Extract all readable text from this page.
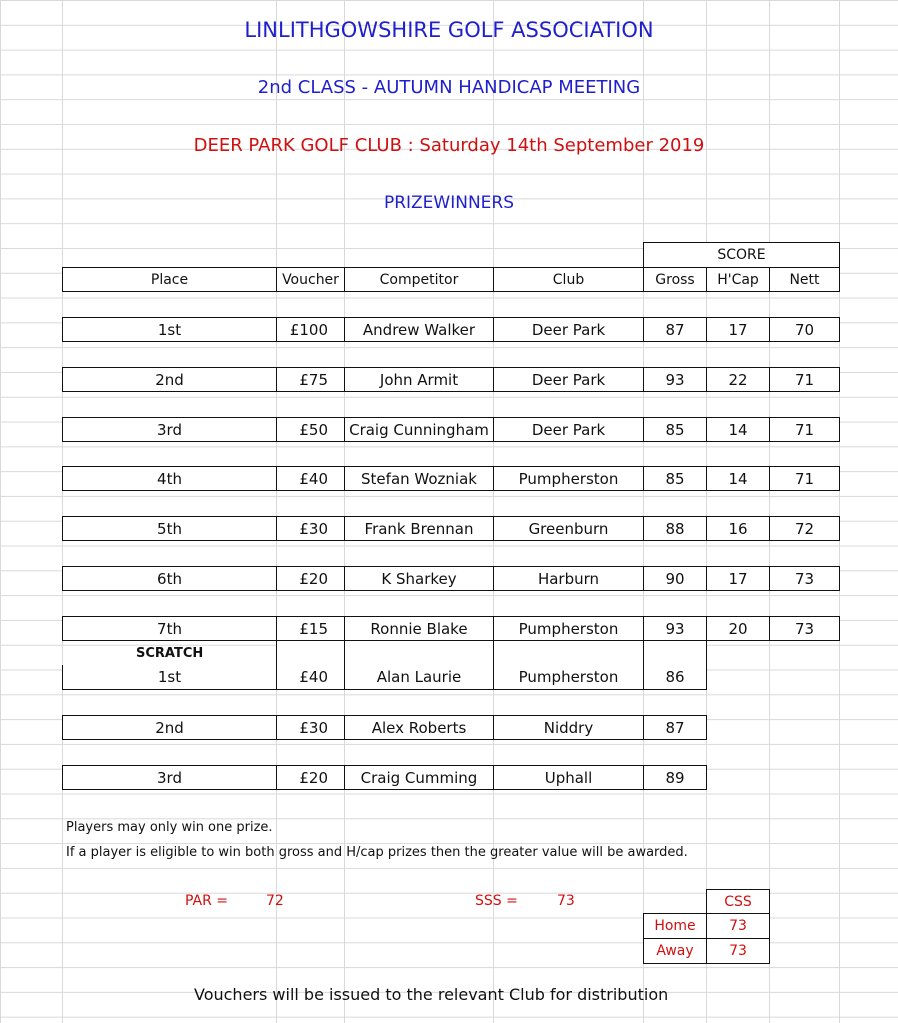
LINLITHGOWSHIRE GOLF ASSOCIATION
2nd CLASS - AUTUMN HANDICAP MEETING
DEER PARK GOLF CLUB : Saturday 14th September 2019
PRIZEWINNERS
SCORE
Place	Voucher	Competitor	Club	Gross	H'Cap	Nett
1st	£100	Andrew Walker	Deer Park	87	17	70
2nd	£75	John Armit	Deer Park	93	22	71
3rd	£50	Craig Cunningham	Deer Park	85	14	71
4th	£40	Stefan Wozniak	Pumpherston	85	14	71
5th	£30	Frank Brennan	Greenburn	88	16	72
6th	£20	K Sharkey	Harburn	90	17	73
7th	£15	Ronnie Blake	Pumpherston	93	20	73
SCRATCH
1st	£40	Alan Laurie	Pumpherston	86
2nd	£30	Alex Roberts	Niddry	87
3rd	£20	Craig Cumming	Uphall	89
Players may only win one prize.
If a player is eligible to win both gross and H/cap prizes then the greater value will be awarded.
PAR =	72	SSS =	73	CSS
Home	73
Away	73
Vouchers will be issued to the relevant Club for distribution
